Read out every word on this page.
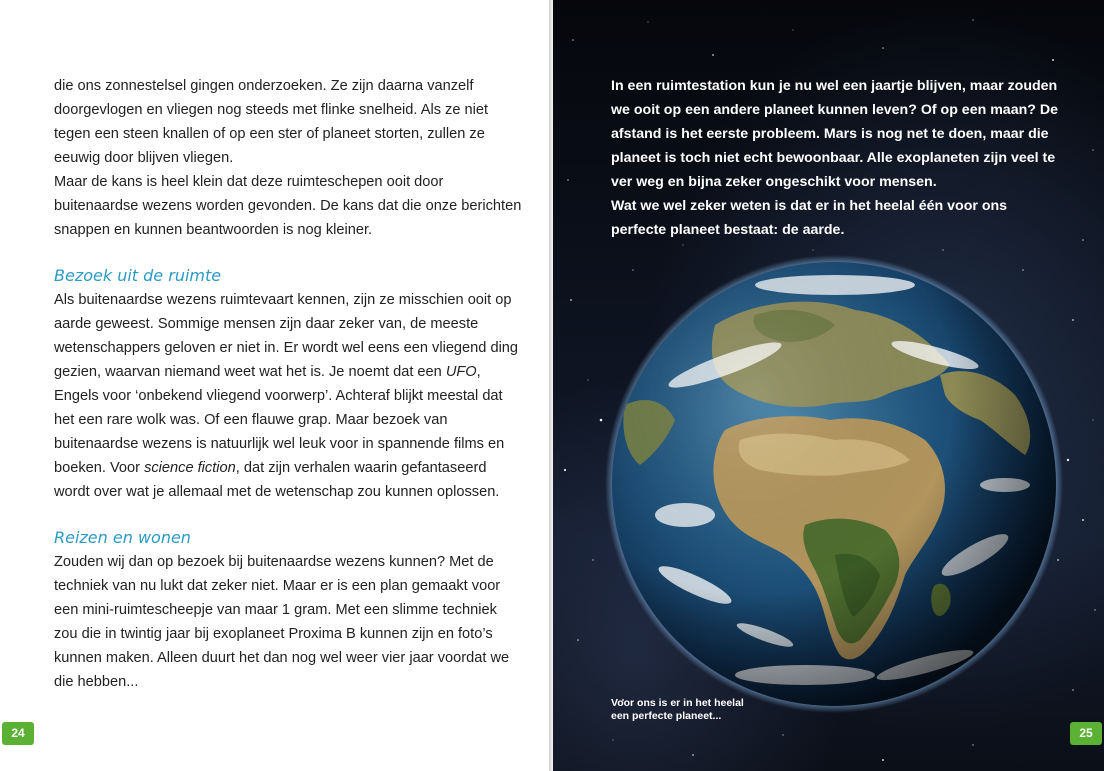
die ons zonnestelsel gingen onderzoeken. Ze zijn daarna vanzelf doorgevlogen en vliegen nog steeds met flinke snelheid. Als ze niet tegen een steen knallen of op een ster of planeet storten, zullen ze eeuwig door blijven vliegen.

Maar de kans is heel klein dat deze ruimteschepen ooit door buitenaardse wezens worden gevonden. De kans dat die onze berichten snappen en kunnen beantwoorden is nog kleiner.

Bezoek uit de ruimte

Als buitenaardse wezens ruimtevaart kennen, zijn ze misschien ooit op aarde geweest. Sommige mensen zijn daar zeker van, de meeste wetenschappers geloven er niet in. Er wordt wel eens een vliegend ding gezien, waarvan niemand weet wat het is. Je noemt dat een UFO, Engels voor ‘onbekend vliegend voorwerp’. Achteraf blijkt meestal dat het een rare wolk was. Of een flauwe grap. Maar bezoek van buitenaardse wezens is natuurlijk wel leuk voor in spannende films en boeken. Voor science fiction, dat zijn verhalen waarin gefantaseerd wordt over wat je allemaal met de wetenschap zou kunnen oplossen.

Reizen en wonen

Zouden wij dan op bezoek bij buitenaardse wezens kunnen? Met de techniek van nu lukt dat zeker niet. Maar er is een plan gemaakt voor een mini-ruimtescheepje van maar 1 gram. Met een slimme techniek zou die in twintig jaar bij exoplaneet Proxima B kunnen zijn en foto’s kunnen maken. Alleen duurt het dan nog wel weer vier jaar voordat we die hebben...

24

In een ruimtestation kun je nu wel een jaartje blijven, maar zouden we ooit op een andere planeet kunnen leven? Of op een maan? De afstand is het eerste probleem. Mars is nog net te doen, maar die planeet is toch niet echt bewoonbaar. Alle exoplaneten zijn veel te ver weg en bijna zeker ongeschikt voor mensen.

Wat we wel zeker weten is dat er in het heelal één voor ons perfecte planeet bestaat: de aarde.

Voor ons is er in het heelal een perfecte planeet...
25
